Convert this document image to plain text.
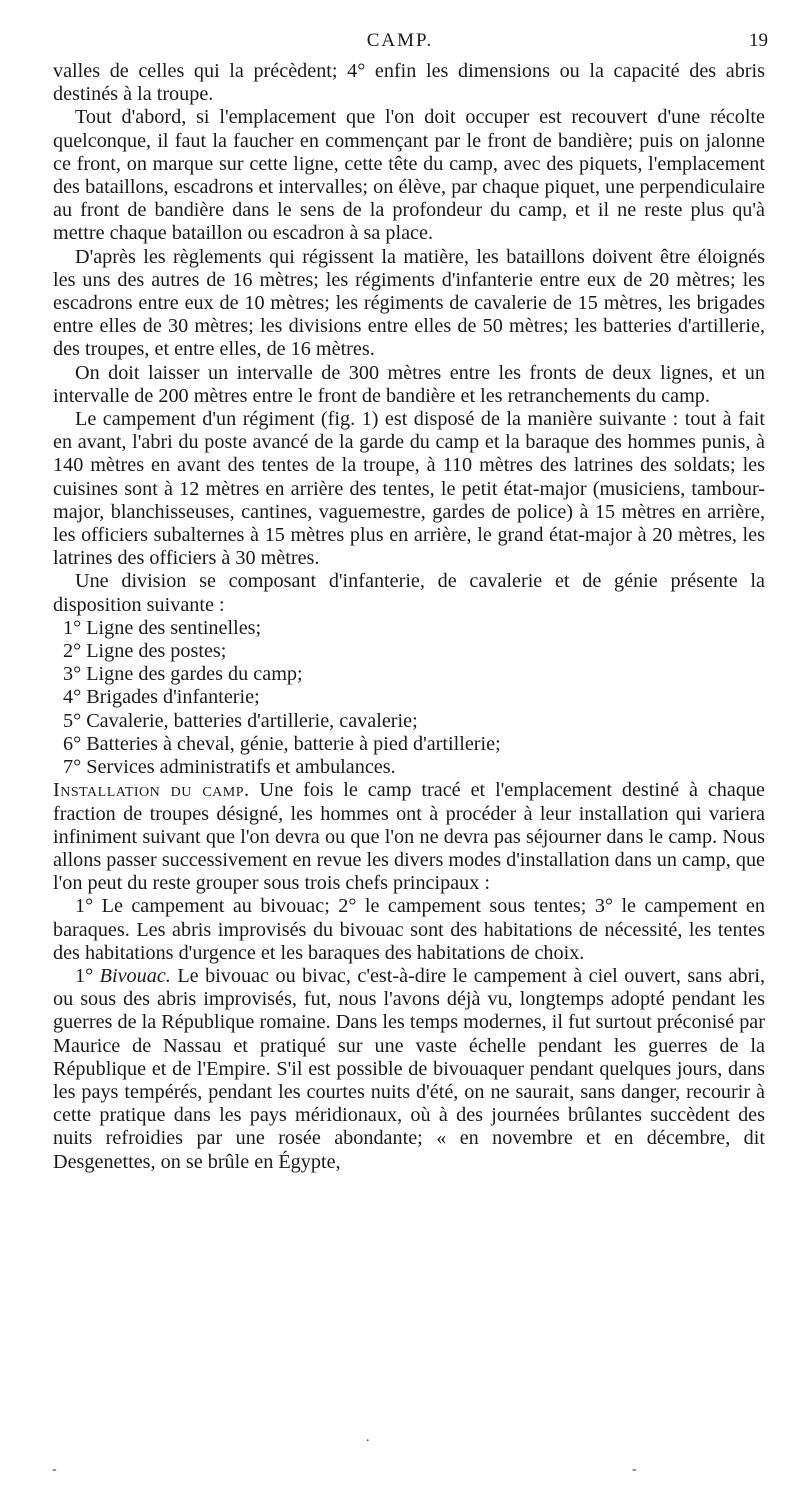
CAMP.	19

valles de celles qui la précèdent; 4° enfin les dimensions ou la capacité des abris destinés à la troupe.

Tout d'abord, si l'emplacement que l'on doit occuper est recouvert d'une récolte quelconque, il faut la faucher en commençant par le front de bandière; puis on jalonne ce front, on marque sur cette ligne, cette tête du camp, avec des piquets, l'emplacement des bataillons, escadrons et intervalles; on élève, par chaque piquet, une perpendiculaire au front de bandière dans le sens de la profondeur du camp, et il ne reste plus qu'à mettre chaque bataillon ou escadron à sa place.

D'après les règlements qui régissent la matière, les bataillons doivent être éloignés les uns des autres de 16 mètres; les régiments d'infanterie entre eux de 20 mètres; les escadrons entre eux de 10 mètres; les régiments de cavalerie de 15 mètres, les brigades entre elles de 30 mètres; les divisions entre elles de 50 mètres; les batteries d'artillerie, des troupes, et entre elles, de 16 mètres.

On doit laisser un intervalle de 300 mètres entre les fronts de deux lignes, et un intervalle de 200 mètres entre le front de bandière et les retranchements du camp.

Le campement d'un régiment (fig. 1) est disposé de la manière suivante : tout à fait en avant, l'abri du poste avancé de la garde du camp et la baraque des hommes punis, à 140 mètres en avant des tentes de la troupe, à 110 mètres des latrines des soldats; les cuisines sont à 12 mètres en arrière des tentes, le petit état-major (musiciens, tambour-major, blanchisseuses, cantines, vaguemestre, gardes de police) à 15 mètres en arrière, les officiers subalternes à 15 mètres plus en arrière, le grand état-major à 20 mètres, les latrines des officiers à 30 mètres.

Une division se composant d'infanterie, de cavalerie et de génie présente la disposition suivante :

1° Ligne des sentinelles;

2° Ligne des postes;

3° Ligne des gardes du camp;

4° Brigades d'infanterie;

5° Cavalerie, batteries d'artillerie, cavalerie;

6° Batteries à cheval, génie, batterie à pied d'artillerie;

7° Services administratifs et ambulances.

Installation du camp. Une fois le camp tracé et l'emplacement destiné à chaque fraction de troupes désigné, les hommes ont à procéder à leur installation qui variera infiniment suivant que l'on devra ou que l'on ne devra pas séjourner dans le camp. Nous allons passer successivement en revue les divers modes d'installation dans un camp, que l'on peut du reste grouper sous trois chefs principaux :

1° Le campement au bivouac; 2° le campement sous tentes; 3° le campement en baraques. Les abris improvisés du bivouac sont des habitations de nécessité, les tentes des habitations d'urgence et les baraques des habitations de choix.

1° Bivouac. Le bivouac ou bivac, c'est-à-dire le campement à ciel ouvert, sans abri, ou sous des abris improvisés, fut, nous l'avons déjà vu, longtemps adopté pendant les guerres de la République romaine. Dans les temps modernes, il fut surtout préconisé par Maurice de Nassau et pratiqué sur une vaste échelle pendant les guerres de la République et de l'Empire. S'il est possible de bivouaquer pendant quelques jours, dans les pays tempérés, pendant les courtes nuits d'été, on ne saurait, sans danger, recourir à cette pratique dans les pays méridionaux, où à des journées brûlantes succèdent des nuits refroidies par une rosée abondante; « en novembre et en décembre, dit Desgenettes, on se brûle en Égypte,

-
.
-
